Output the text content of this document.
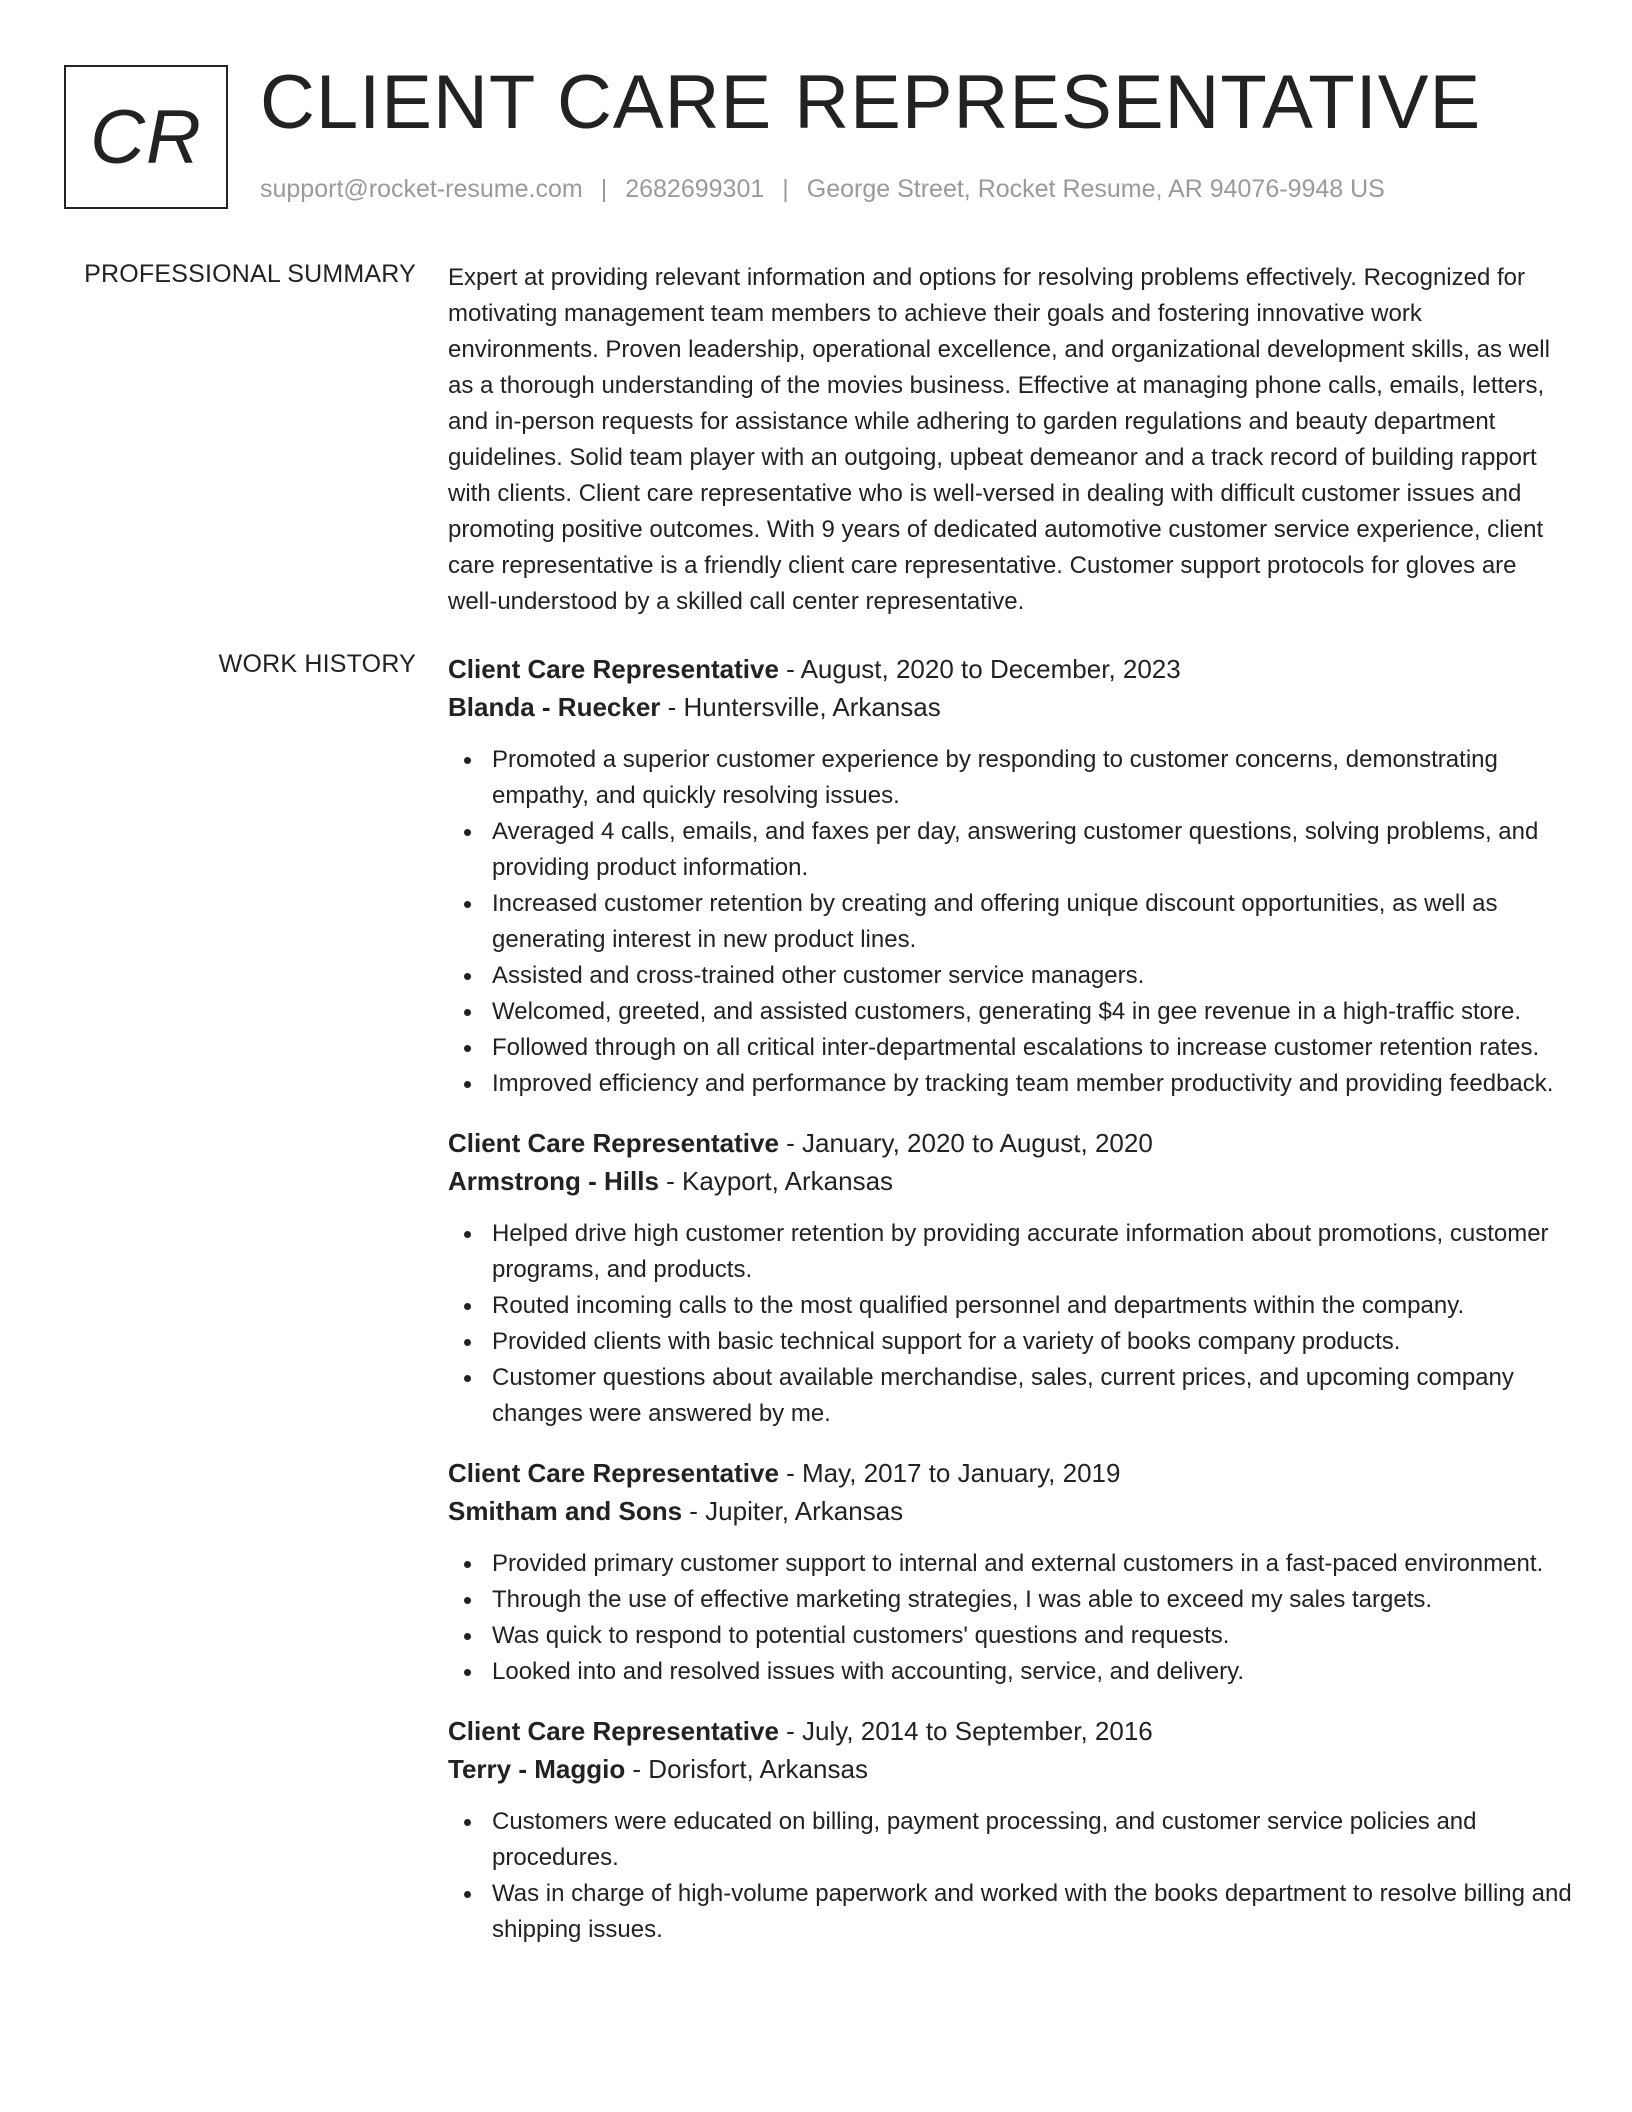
CR CLIENT CARE REPRESENTATIVE
support@rocket-resume.com | 2682699301 | George Street, Rocket Resume, AR 94076-9948 US
PROFESSIONAL SUMMARY Expert at providing relevant information and options for resolving problems effectively. Recognized for motivating management team members to achieve their goals and fostering innovative work environments. Proven leadership, operational excellence, and organizational development skills, as well as a thorough understanding of the movies business. Effective at managing phone calls, emails, letters, and in-person requests for assistance while adhering to garden regulations and beauty department guidelines. Solid team player with an outgoing, upbeat demeanor and a track record of building rapport with clients. Client care representative who is well-versed in dealing with difficult customer issues and promoting positive outcomes. With 9 years of dedicated automotive customer service experience, client care representative is a friendly client care representative. Customer support protocols for gloves are well-understood by a skilled call center representative.

WORK HISTORY Client Care Representative - August, 2020 to December, 2023
Blanda - Ruecker - Huntersville, Arkansas
Promoted a superior customer experience by responding to customer concerns, demonstrating empathy, and quickly resolving issues.
Averaged 4 calls, emails, and faxes per day, answering customer questions, solving problems, and providing product information.
Increased customer retention by creating and offering unique discount opportunities, as well as generating interest in new product lines.
Assisted and cross-trained other customer service managers.
Welcomed, greeted, and assisted customers, generating $4 in gee revenue in a high-traffic store.
Followed through on all critical inter-departmental escalations to increase customer retention rates.
Improved efficiency and performance by tracking team member productivity and providing feedback.
Client Care Representative - January, 2020 to August, 2020
Armstrong - Hills - Kayport, Arkansas
Helped drive high customer retention by providing accurate information about promotions, customer programs, and products.
Routed incoming calls to the most qualified personnel and departments within the company.
Provided clients with basic technical support for a variety of books company products.
Customer questions about available merchandise, sales, current prices, and upcoming company changes were answered by me.
Client Care Representative - May, 2017 to January, 2019
Smitham and Sons - Jupiter, Arkansas
Provided primary customer support to internal and external customers in a fast-paced environment.
Through the use of effective marketing strategies, I was able to exceed my sales targets.
Was quick to respond to potential customers' questions and requests.
Looked into and resolved issues with accounting, service, and delivery.
Client Care Representative - July, 2014 to September, 2016
Terry - Maggio - Dorisfort, Arkansas
Customers were educated on billing, payment processing, and customer service policies and procedures.
Was in charge of high-volume paperwork and worked with the books department to resolve billing and shipping issues.
